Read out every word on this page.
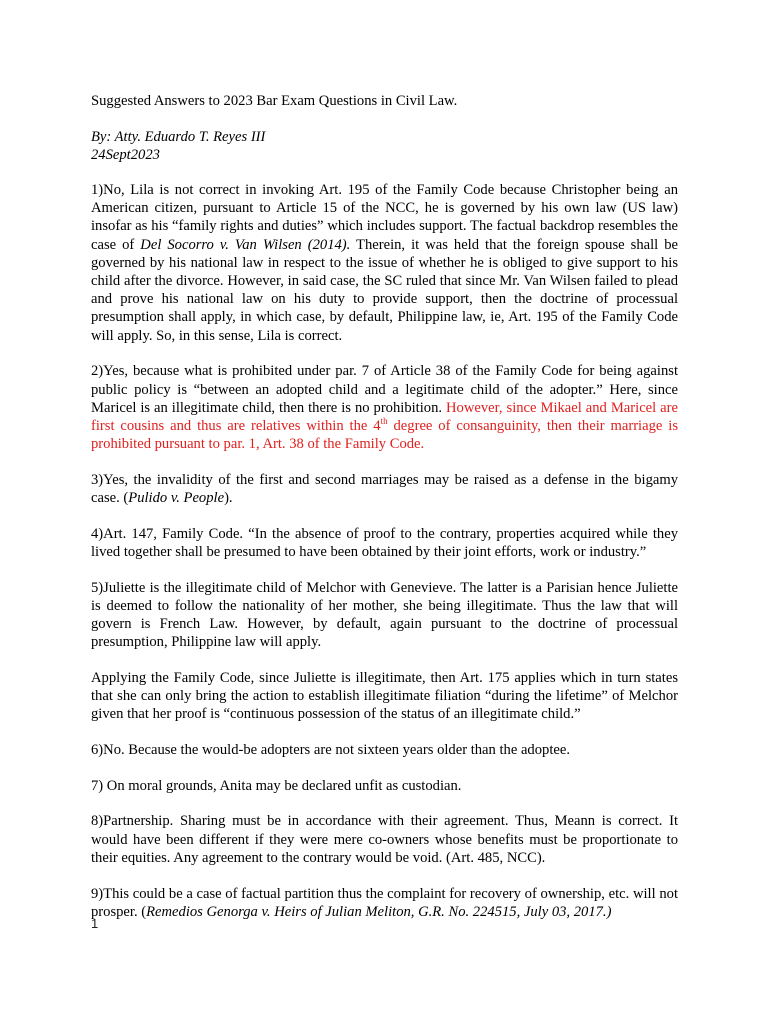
Suggested Answers to 2023 Bar Exam Questions in Civil Law.

By: Atty. Eduardo T. Reyes III
24Sept2023

1)No, Lila is not correct in invoking Art. 195 of the Family Code because Christopher being an American citizen, pursuant to Article 15 of the NCC, he is governed by his own law (US law) insofar as his “family rights and duties” which includes support. The factual backdrop resembles the case of Del Socorro v. Van Wilsen (2014). Therein, it was held that the foreign spouse shall be governed by his national law in respect to the issue of whether he is obliged to give support to his child after the divorce. However, in said case, the SC ruled that since Mr. Van Wilsen failed to plead and prove his national law on his duty to provide support, then the doctrine of processual presumption shall apply, in which case, by default, Philippine law, ie, Art. 195 of the Family Code will apply. So, in this sense, Lila is correct.

2)Yes, because what is prohibited under par. 7 of Article 38 of the Family Code for being against public policy is “between an adopted child and a legitimate child of the adopter.” Here, since Maricel is an illegitimate child, then there is no prohibition. However, since Mikael and Maricel are first cousins and thus are relatives within the 4th degree of consanguinity, then their marriage is prohibited pursuant to par. 1, Art. 38 of the Family Code.

3)Yes, the invalidity of the first and second marriages may be raised as a defense in the bigamy case. (Pulido v. People).

4)Art. 147, Family Code. “In the absence of proof to the contrary, properties acquired while they lived together shall be presumed to have been obtained by their joint efforts, work or industry.”

5)Juliette is the illegitimate child of Melchor with Genevieve. The latter is a Parisian hence Juliette is deemed to follow the nationality of her mother, she being illegitimate. Thus the law that will govern is French Law. However, by default, again pursuant to the doctrine of processual presumption, Philippine law will apply.

Applying the Family Code, since Juliette is illegitimate, then Art. 175 applies which in turn states that she can only bring the action to establish illegitimate filiation “during the lifetime” of Melchor given that her proof is “continuous possession of the status of an illegitimate child.”

6)No. Because the would-be adopters are not sixteen years older than the adoptee.

7) On moral grounds, Anita may be declared unfit as custodian.

8)Partnership. Sharing must be in accordance with their agreement. Thus, Meann is correct. It would have been different if they were mere co-owners whose benefits must be proportionate to their equities. Any agreement to the contrary would be void. (Art. 485, NCC).

9)This could be a case of factual partition thus the complaint for recovery of ownership, etc. will not prosper. (Remedios Genorga v. Heirs of Julian Meliton, G.R. No. 224515, July 03, 2017.)

1
